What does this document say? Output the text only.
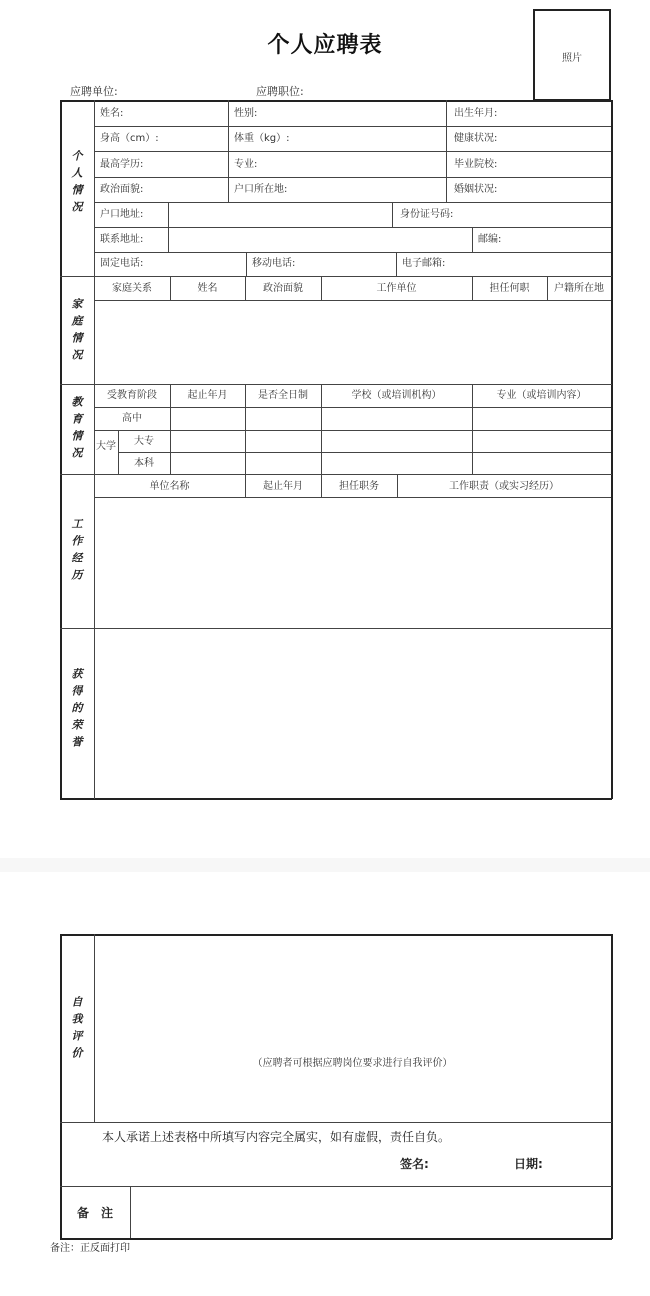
个人应聘表
照片
应聘单位:	应聘职位:
个人情况
家庭情况
教育情况
工作经历
获得的荣誉
姓名:	性别:	出生年月:
身高（cm）:	体重（kg）:	健康状况:
最高学历:	专业:	毕业院校:
政治面貌:	户口所在地:	婚姻状况:
户口地址:	身份证号码:
联系地址:	邮编:
固定电话:	移动电话:	电子邮箱:
家庭关系	姓名	政治面貌	工作单位	担任何职	户籍所在地
受教育阶段	起止年月	是否全日制	学校（或培训机构）	专业（或培训内容）
高中
大学	大专
本科
单位名称	起止年月	担任职务	工作职责（或实习经历）
自我评价	（应聘者可根据应聘岗位要求进行自我评价）
本人承诺上述表格中所填写内容完全属实，如有虚假，责任自负。
签名:	日期:
备　注
备注：正反面打印
